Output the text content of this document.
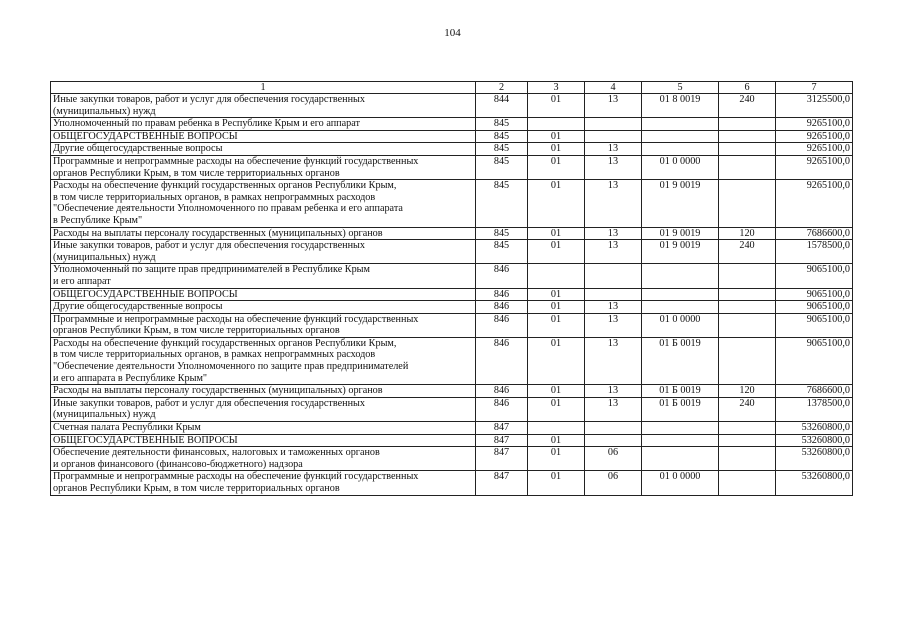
104
1	2	3	4	5	6	7
Иные закупки товаров, работ и услуг для обеспечения государственных
(муниципальных) нужд	844	01	13	01 8 0019	240	3125500,0
Уполномоченный по правам ребенка в Республике Крым и его аппарат	845					9265100,0
ОБЩЕГОСУДАРСТВЕННЫЕ ВОПРОСЫ	845	01				9265100,0
Другие общегосударственные вопросы	845	01	13			9265100,0
Программные и непрограммные расходы на обеспечение функций государственных
органов Республики Крым, в том числе территориальных органов	845	01	13	01 0 0000		9265100,0
Расходы на обеспечение функций государственных органов Республики Крым,
в том числе территориальных органов, в рамках непрограммных расходов
"Обеспечение деятельности Уполномоченного по правам ребенка и его аппарата
в Республике Крым"	845	01	13	01 9 0019		9265100,0
Расходы на выплаты персоналу государственных (муниципальных) органов	845	01	13	01 9 0019	120	7686600,0
Иные закупки товаров, работ и услуг для обеспечения государственных
(муниципальных) нужд	845	01	13	01 9 0019	240	1578500,0
Уполномоченный по защите прав предпринимателей в Республике Крым
и его аппарат	846					9065100,0
ОБЩЕГОСУДАРСТВЕННЫЕ ВОПРОСЫ	846	01				9065100,0
Другие общегосударственные вопросы	846	01	13			9065100,0
Программные и непрограммные расходы на обеспечение функций государственных
органов Республики Крым, в том числе территориальных органов	846	01	13	01 0 0000		9065100,0
Расходы на обеспечение функций государственных органов Республики Крым,
в том числе территориальных органов, в рамках непрограммных расходов
"Обеспечение деятельности Уполномоченного по защите прав предпринимателей
и его аппарата в Республике Крым"	846	01	13	01 Б 0019		9065100,0
Расходы на выплаты персоналу государственных (муниципальных) органов	846	01	13	01 Б 0019	120	7686600,0
Иные закупки товаров, работ и услуг для обеспечения государственных
(муниципальных) нужд	846	01	13	01 Б 0019	240	1378500,0
Счетная палата Республики Крым	847					53260800,0
ОБЩЕГОСУДАРСТВЕННЫЕ ВОПРОСЫ	847	01				53260800,0
Обеспечение деятельности финансовых, налоговых и таможенных органов
и органов финансового (финансово-бюджетного) надзора	847	01	06			53260800,0
Программные и непрограммные расходы на обеспечение функций государственных
органов Республики Крым, в том числе территориальных органов	847	01	06	01 0 0000		53260800,0
